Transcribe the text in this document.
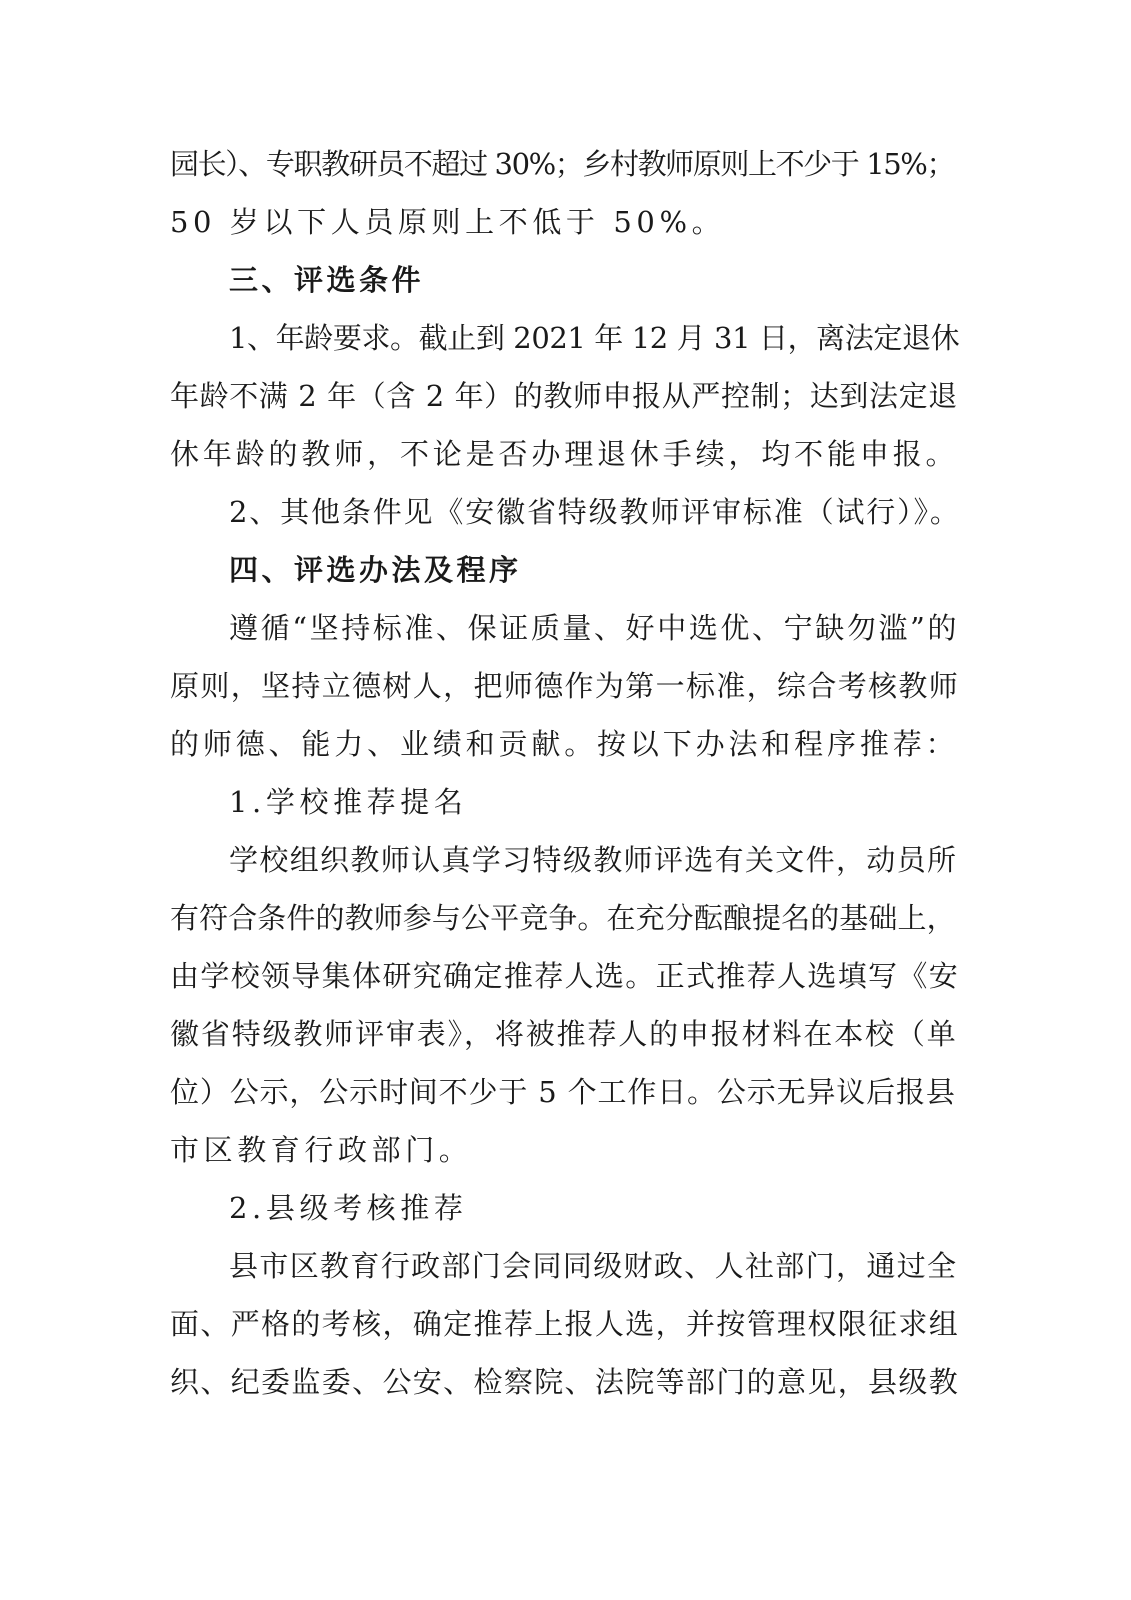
园长）、专职教研员不超过 30%；乡村教师原则上不少于 15%；

50 岁以下人员原则上不低于 50%。

三、评选条件

1、年龄要求。截止到 2021 年 12 月 31 日，离法定退休

年龄不满 2 年（含 2 年）的教师申报从严控制；达到法定退

休年龄的教师，不论是否办理退休手续，均不能申报。

2、其他条件见《安徽省特级教师评审标准（试行）》。

四、评选办法及程序

遵循“坚持标准、保证质量、好中选优、宁缺勿滥”的

原则，坚持立德树人，把师德作为第一标准，综合考核教师

的师德、能力、业绩和贡献。按以下办法和程序推荐：

1.学校推荐提名

学校组织教师认真学习特级教师评选有关文件，动员所

有符合条件的教师参与公平竞争。在充分酝酿提名的基础上，

由学校领导集体研究确定推荐人选。正式推荐人选填写《安

徽省特级教师评审表》，将被推荐人的申报材料在本校（单

位）公示，公示时间不少于 5 个工作日。公示无异议后报县

市区教育行政部门。

2.县级考核推荐

县市区教育行政部门会同同级财政、人社部门，通过全

面、严格的考核，确定推荐上报人选，并按管理权限征求组

织、纪委监委、公安、检察院、法院等部门的意见，县级教
